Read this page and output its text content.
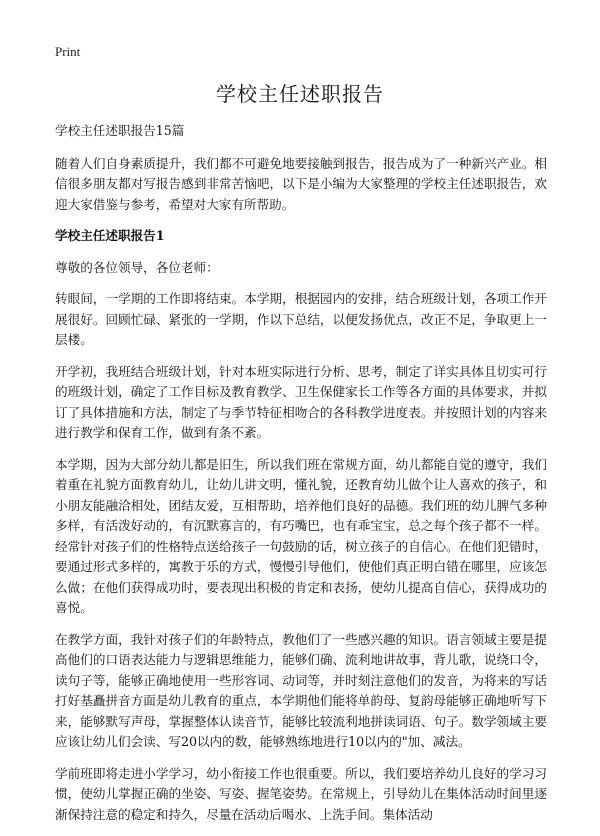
Print
学校主任述职报告

学校主任述职报告15篇

随着人们自身素质提升，我们都不可避免地要接触到报告，报告成为了一种新兴产业。相信很多朋友都对写报告感到非常苦恼吧，以下是小编为大家整理的学校主任述职报告，欢迎大家借鉴与参考，希望对大家有所帮助。

学校主任述职报告1

尊敬的各位领导，各位老师：

转眼间，一学期的工作即将结束。本学期，根据园内的安排，结合班级计划，各项工作开展很好。回顾忙碌、紧张的一学期，作以下总结，以便发扬优点，改正不足，争取更上一层楼。

开学初，我班结合班级计划，针对本班实际进行分析、思考，制定了详实具体且切实可行的班级计划，确定了工作目标及教育教学、卫生保健家长工作等各方面的具体要求，并拟订了具体措施和方法，制定了与季节特征相吻合的各科教学进度表。并按照计划的内容来进行教学和保育工作，做到有条不紊。

本学期，因为大部分幼儿都是旧生，所以我们班在常规方面，幼儿都能自觉的遵守，我们着重在礼貌方面教育幼儿，让幼儿讲文明，懂礼貌，还教育幼儿做个让人喜欢的孩子，和小朋友能融洽相处，团结友爱，互相帮助，培养他们良好的品德。我们班的幼儿脾气多种多样，有活泼好动的，有沉默寡言的，有巧嘴巴，也有乖宝宝，总之每个孩子都不一样。经常针对孩子们的性格特点送给孩子一句鼓励的话，树立孩子的自信心。在他们犯错时，要通过形式多样的，寓教于乐的方式，慢慢引导他们，使他们真正明白错在哪里，应该怎么做；在他们获得成功时，要表现出积极的肯定和表扬，使幼儿提高自信心，获得成功的喜悦。

在教学方面，我针对孩子们的年龄特点，教他们了一些感兴趣的知识。语言领域主要是提高他们的口语表达能力与逻辑思维能力，能够们确、流利地讲故事，背儿歌，说绕口令，读句子等，能够正确地使用一些形容词、动词等，并时刻注意他们的发音，为将来的写话打好基矗拼音方面是幼儿教育的重点，本学期他们能将单韵母、复韵母能够正确地听写下来，能够默写声母，掌握整体认读音节，能够比较流利地拼读词语、句子。数学领域主要应该让幼儿们会读、写20以内的数，能够熟练地进行10以内的"加、减法。

学前班即将走进小学学习，幼小衔接工作也很重要。所以，我们要培养幼儿良好的学习习惯，使幼儿掌握正确的坐姿、写姿、握笔姿势。在常规上，引导幼儿在集体活动时间里逐渐保持注意的稳定和持久，尽量在活动后喝水、上洗手间。集体活动
